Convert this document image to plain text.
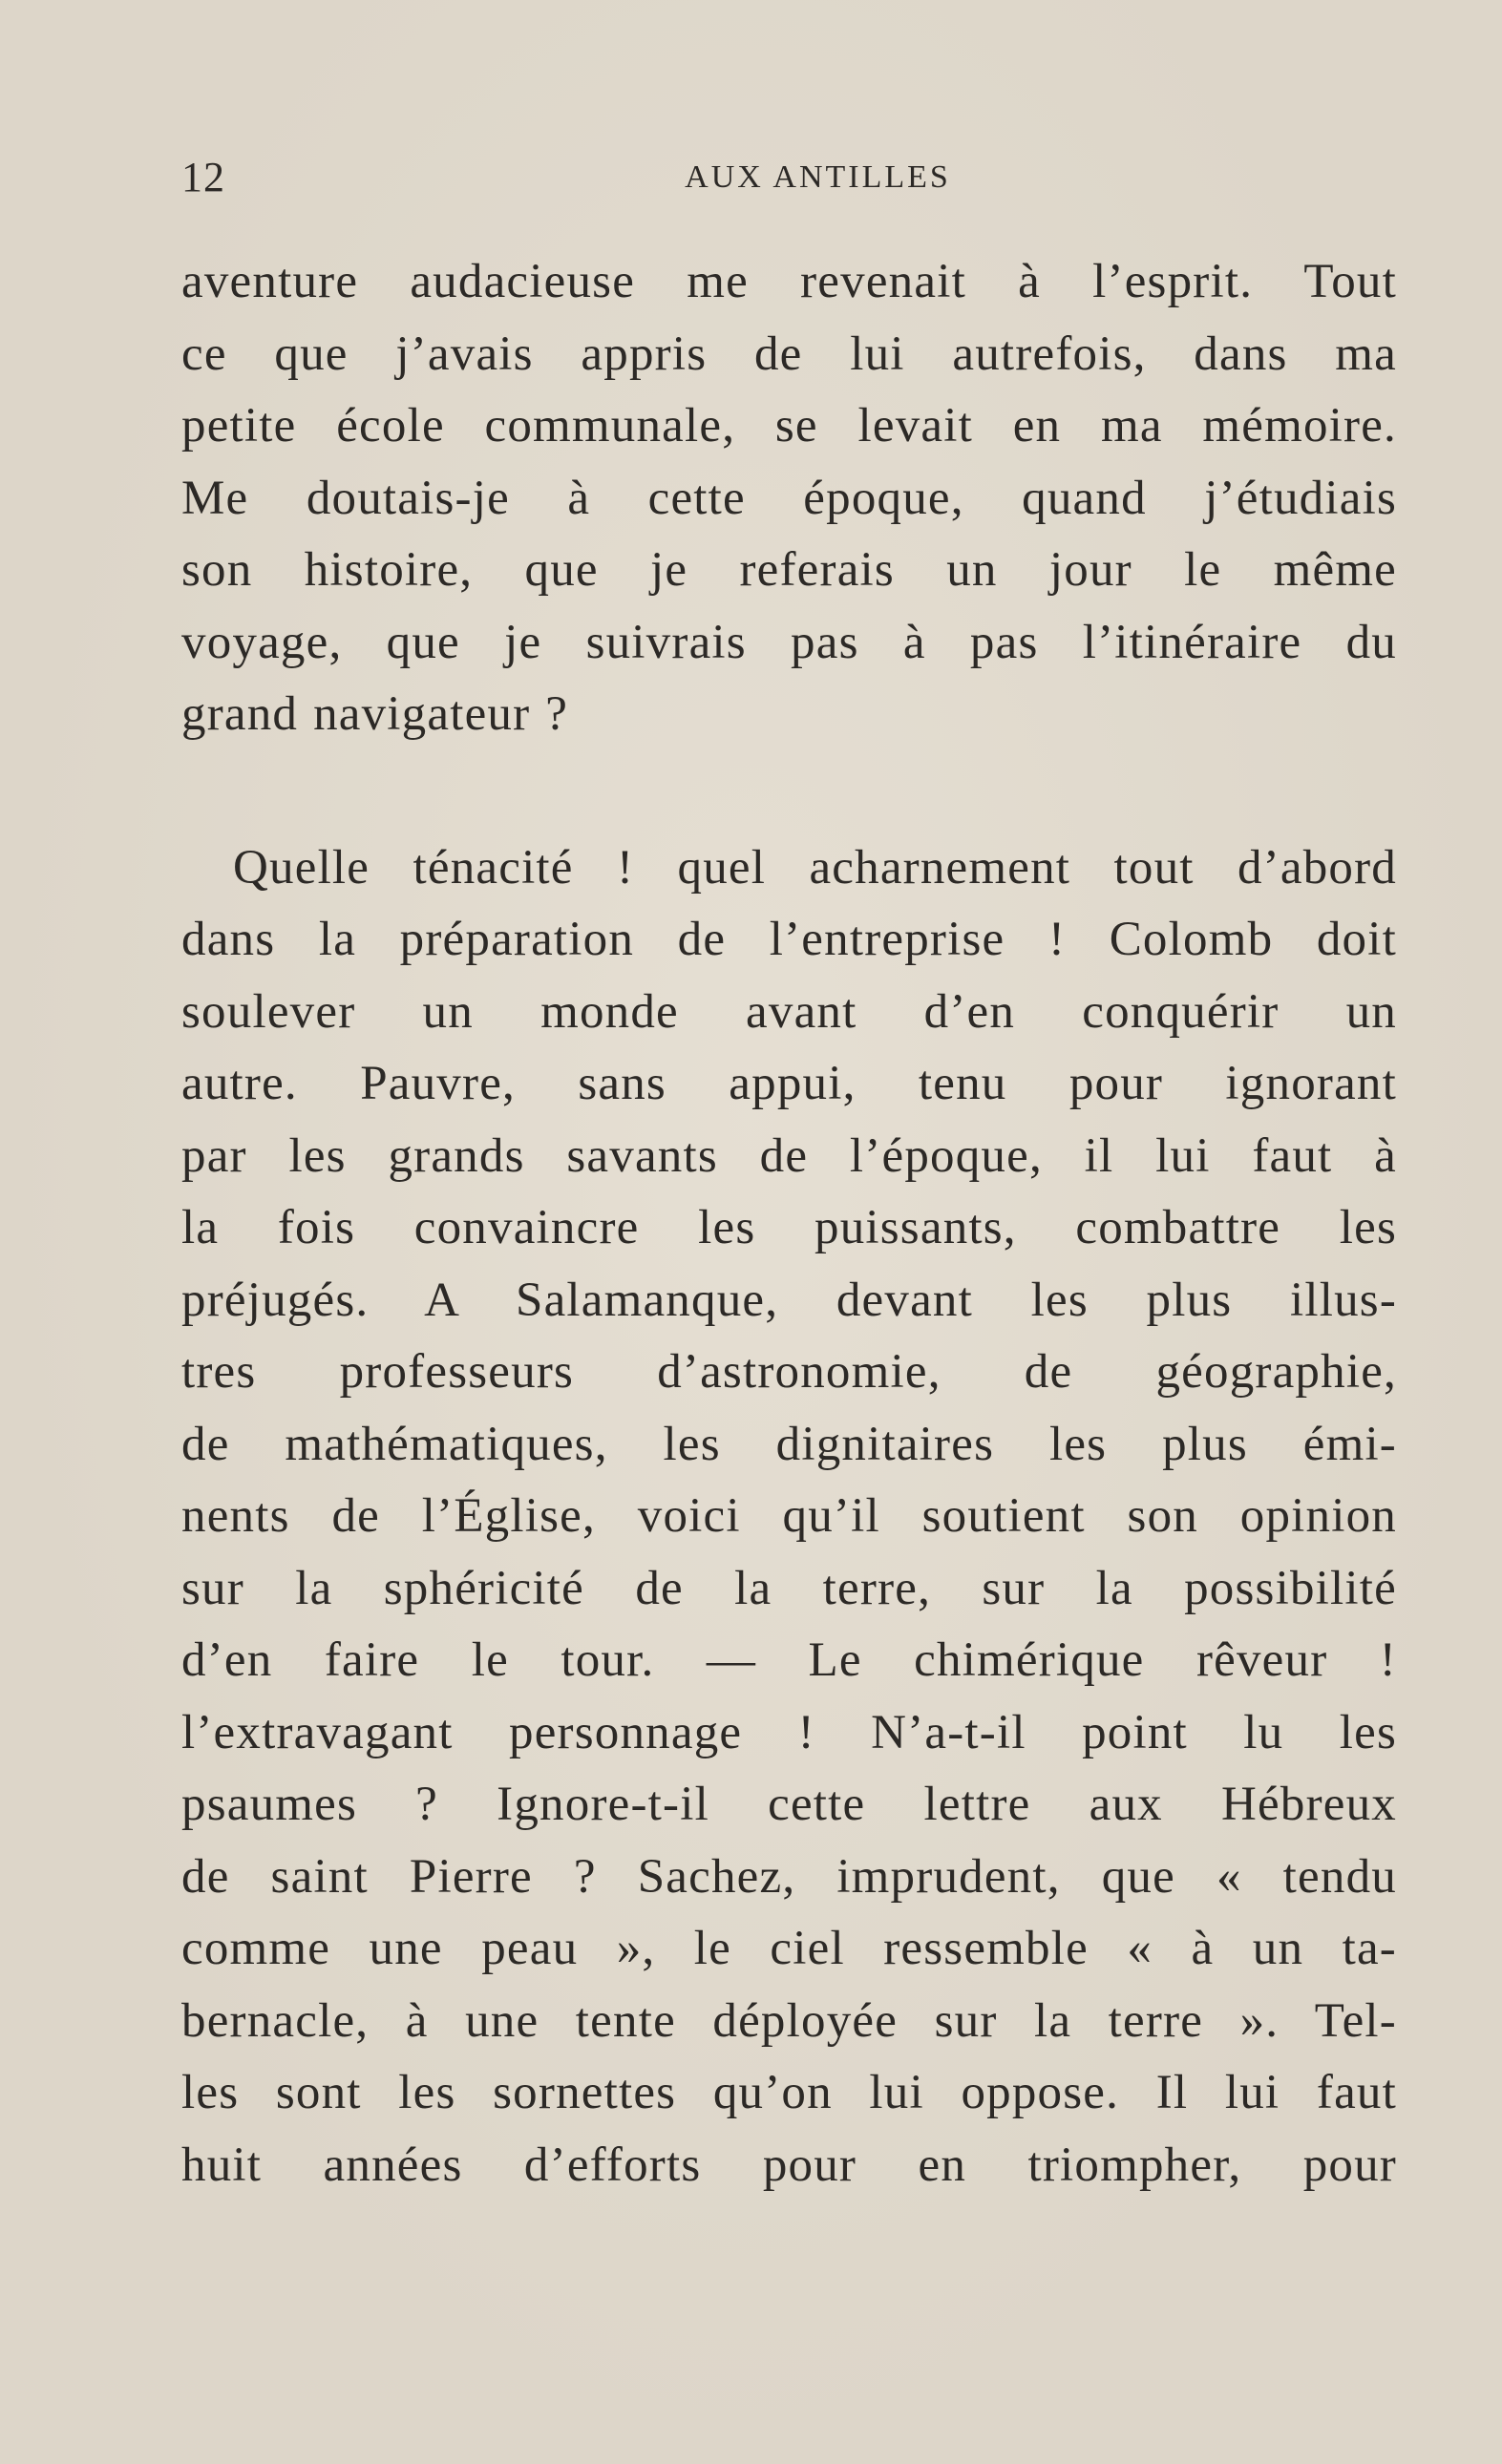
12	AUX ANTILLES
aventure audacieuse me revenait à l’esprit. Tout
ce que j’avais appris de lui autrefois, dans ma
petite école communale, se levait en ma mémoire.
Me doutais-je à cette époque, quand j’étudiais
son histoire, que je referais un jour le même
voyage, que je suivrais pas à pas l’itinéraire du
grand navigateur ?
Quelle ténacité ! quel acharnement tout d’abord
dans la préparation de l’entreprise ! Colomb doit
soulever un monde avant d’en conquérir un
autre. Pauvre, sans appui, tenu pour ignorant
par les grands savants de l’époque, il lui faut à
la fois convaincre les puissants, combattre les
préjugés. A Salamanque, devant les plus illus-
tres professeurs d’astronomie, de géographie,
de mathématiques, les dignitaires les plus émi-
nents de l’Église, voici qu’il soutient son opinion
sur la sphéricité de la terre, sur la possibilité
d’en faire le tour. — Le chimérique rêveur !
l’extravagant personnage ! N’a-t-il point lu les
psaumes ? Ignore-t-il cette lettre aux Hébreux
de saint Pierre ? Sachez, imprudent, que « tendu
comme une peau », le ciel ressemble « à un ta-
bernacle, à une tente déployée sur la terre ». Tel-
les sont les sornettes qu’on lui oppose. Il lui faut
huit années d’efforts pour en triompher, pour
